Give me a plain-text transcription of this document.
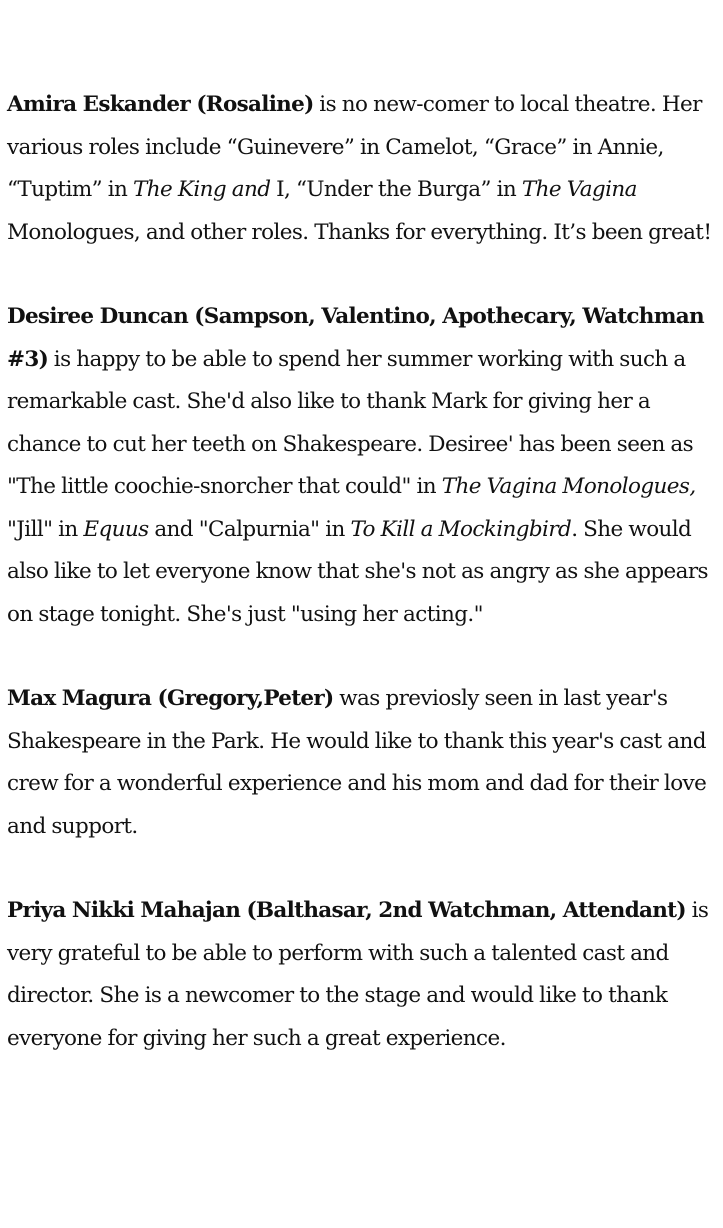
Amira Eskander (Rosaline) is no new-comer to local theatre. Her various roles include “Guinevere” in Camelot, “Grace” in Annie, “Tuptim” in The King and I, “Under the Burga” in The Vagina Monologues, and other roles. Thanks for everything. It’s been great!

Desiree Duncan (Sampson, Valentino, Apothecary, Watchman #3) is happy to be able to spend her summer working with such a remarkable cast. She'd also like to thank Mark for giving her a chance to cut her teeth on Shakespeare. Desiree' has been seen as "The little coochie-snorcher that could" in The Vagina Monologues, "Jill" in Equus and "Calpurnia" in To Kill a Mockingbird. She would also like to let everyone know that she's not as angry as she appears on stage tonight. She's just "using her acting."

Max Magura (Gregory,Peter) was previosly seen in last year's Shakespeare in the Park. He would like to thank this year's cast and crew for a wonderful experience and his mom and dad for their love and support.

Priya Nikki Mahajan (Balthasar, 2nd Watchman, Attendant) is very grateful to be able to perform with such a talented cast and director. She is a newcomer to the stage and would like to thank everyone for giving her such a great experience.
